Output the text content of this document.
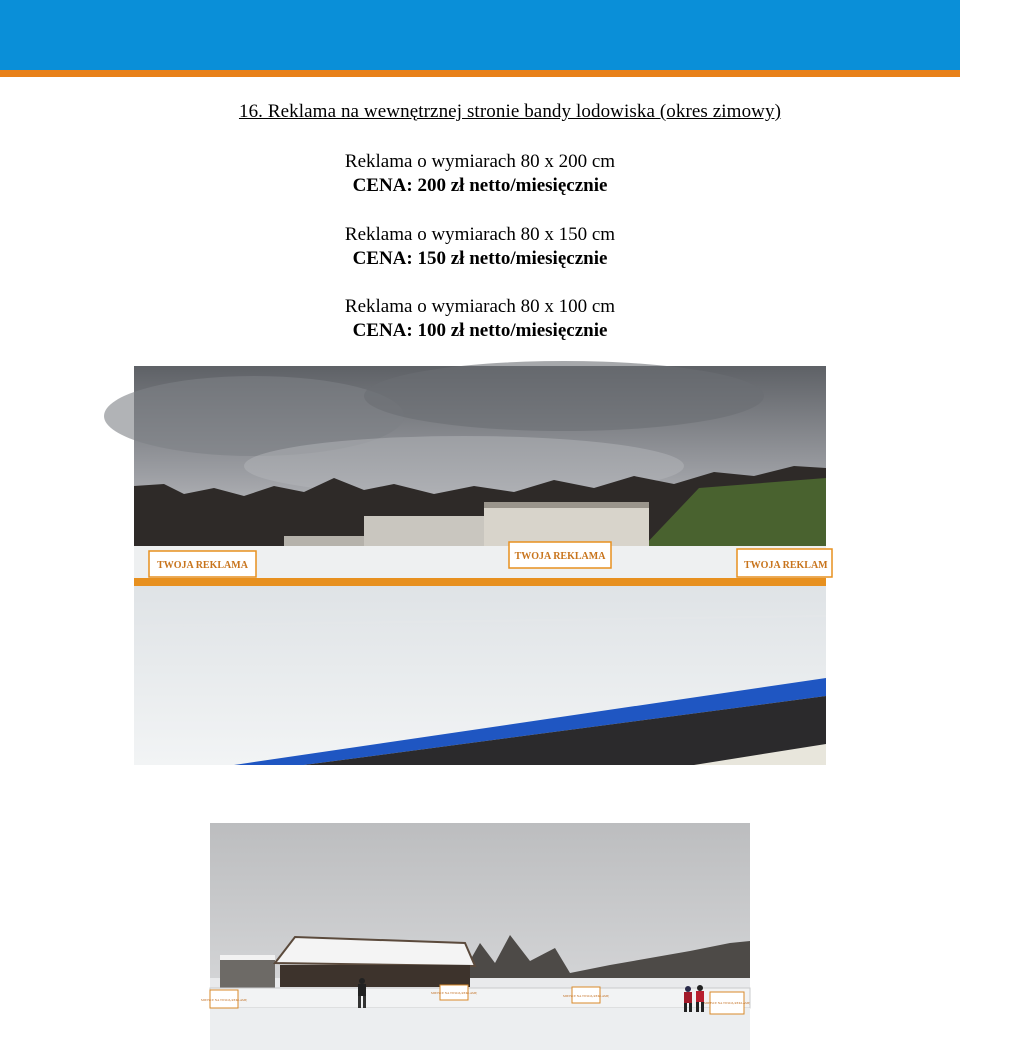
16. Reklama na wewnętrznej stronie bandy lodowiska (okres zimowy)
Reklama o wymiarach 80 x 200 cm
CENA: 200 zł netto/miesięcznie
Reklama o wymiarach 80 x 150 cm
CENA: 150 zł netto/miesięcznie
Reklama o wymiarach 80 x 100 cm
CENA: 100 zł netto/miesięcznie
TWOJA REKLAMA
TWOJA REKLAMA
TWOJA REKLAM
MIEJSCE NA TWOJĄ REKLAMĘ
MIEJSCE NA TWOJĄ REKLAMĘ
MIEJSCE NA TWOJĄ REKLAMĘ
MIEJSCE NA TWOJĄ REKLAMĘ
